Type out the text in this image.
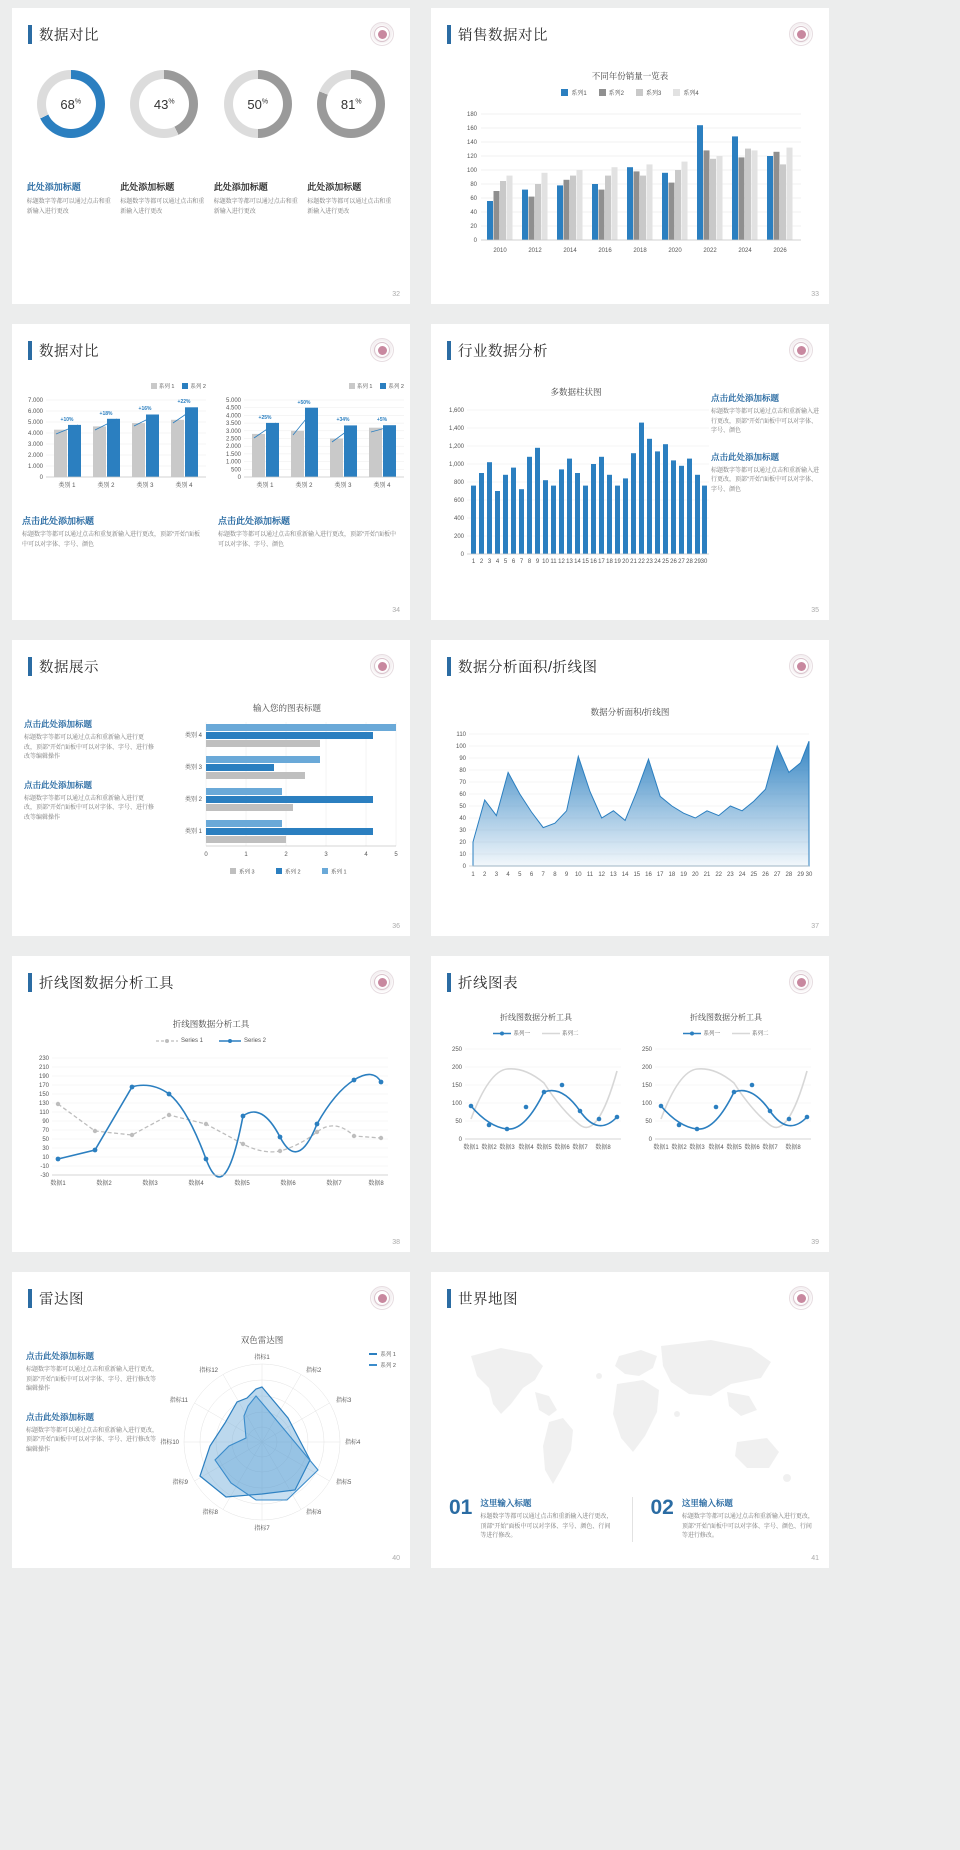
数据对比
68%	43%	50%	81%
此处添加标题

标题数字等都可以通过点击和重新输入进行更改

此处添加标题

标题数字等都可以通过点击和重新输入进行更改

此处添加标题

标题数字等都可以通过点击和重新输入进行更改

此处添加标题

标题数字等都可以通过点击和重新输入进行更改

32
销售数据对比
不同年份销量一览表
系列1	系列2	系列3	系列4
180
160
140
120
100
80
60
40
20
0
2010	2012	2014	2016	2018	2020	2022	2024	2026
33
数据对比
系列 1	系列 2
7.000
6.000
5.000
4.000
3.000
2.000
1.000
0
+10%
+18%
+16%
+22%
类别 1	类别 2	类别 3	类别 4
系列 1	系列 2
5.000
4.500
4.000
3.500
3.000
2.500
2.000
1.500
1.000
500
0
+25%
+50%
+34%	+5%
类别 1	类别 2	类别 3	类别 4
点击此处添加标题

标题数字等都可以通过点击和重复新输入进行更改，顶部“开始”面板中可以对字体、字号、颜色

点击此处添加标题

标题数字等都可以通过点击和重新输入进行更改，顶部“开始”面板中可以对字体、字号、颜色

34
行业数据分析
多数据柱状图
1,600
1,400
1,200
1,000
800
600
400
200
0
1 2 3 4 5 6 7 8 9 10 11 12 13 14 15 16 17 18 19 20 21 22 23 24 25 26 27 28 29 30
点击此处添加标题

标题数字等都可以通过点击和重新输入进行更改，顶部“开始”面板中可以对字体、字号、颜色

点击此处添加标题

标题数字等都可以通过点击和重新输入进行更改，顶部“开始”面板中可以对字体、字号、颜色

35
数据展示
点击此处添加标题

标题数字等都可以通过点击和重新输入进行更改，顶部“开始”面板中可以对字体、字号、进行修改等编辑操作

点击此处添加标题

标题数字等都可以通过点击和重新输入进行更改，顶部“开始”面板中可以对字体、字号、进行修改等编辑操作

输入您的图表标题
类别 4
类别 3
类别 2
类别 1
0	1	2	3	4	5
系列 3	系列 2	系列 1
36
数据分析面积/折线图
数据分析面积/折线图
110
100
90
80
70
60
50
40
30
20
10
0
1 2 3 4 5 6 7 8 9 10 11 12 13 14 15 16 17 18 19 20 21 22 23 24 25 26 27 28 29 30
37
折线图数据分析工具
折线图数据分析工具
Series 1	Series 2
230
210
190
170
150
130
110
90
70
50
30
10
-10
-30
数据1	数据2	数据3	数据4	数据5	数据6	数据7	数据8
38
折线图表
折线图数据分析工具
系列一	系列二
250
200
150
100
50
0
数据1 数据2 数据3 数据4 数据5 数据6 数据7 数据8
折线图数据分析工具
系列一	系列二
250
200
150
100
50
0
数据1 数据2 数据3 数据4 数据5 数据6 数据7 数据8
39
雷达图
点击此处添加标题

标题数字等都可以通过点击和重新输入进行更改，顶部“开始”面板中可以对字体、字号、进行修改等编辑操作

点击此处添加标题

标题数字等都可以通过点击和重新输入进行更改，顶部“开始”面板中可以对字体、字号、进行修改等编辑操作

双色雷达图
系列 1
系列 2
指标1
指标2
指标3
指标4
指标5
指标6
指标7
指标8
指标9
指标10
指标11
指标12
40
世界地图
01 这里输入标题

标题数字等都可以通过点击和重新输入进行更改，顶部“开始”面板中可以对字体、字号、颜色、行间等进行修改。

02 这里输入标题

标题数字等都可以通过点击和重新输入进行更改，顶部“开始”面板中可以对字体、字号、颜色、行间等进行修改。

41
